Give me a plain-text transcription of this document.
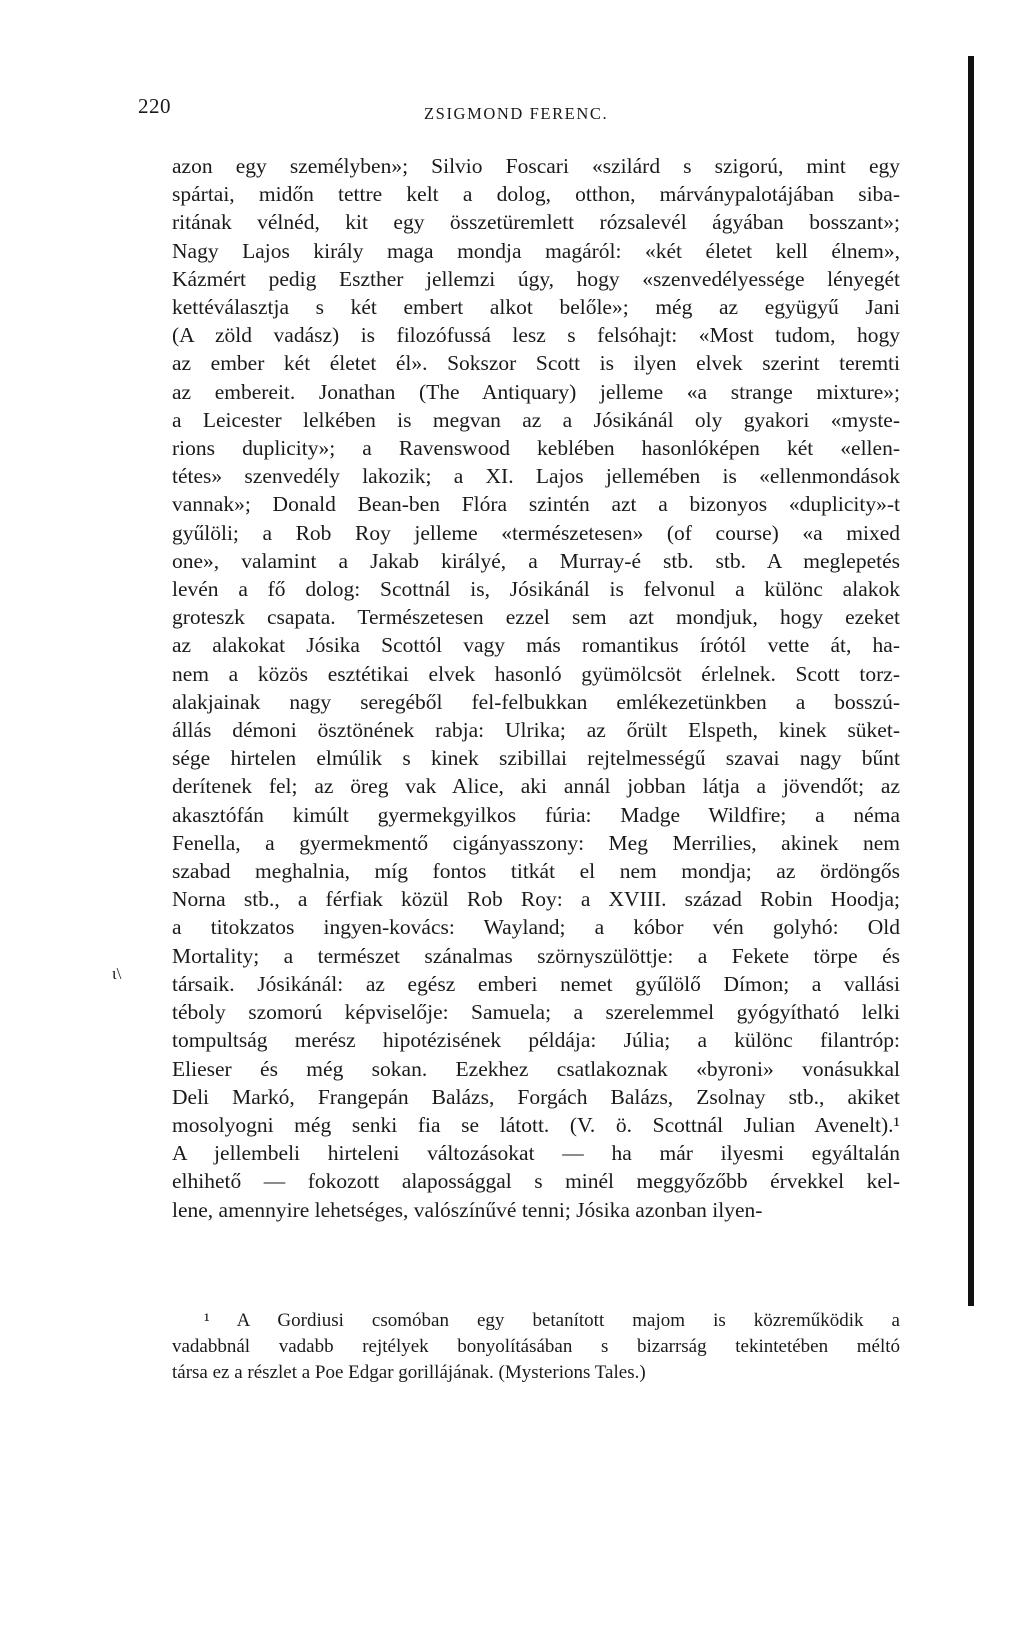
220	ZSIGMOND FERENC.
azon egy személyben»; Silvio Foscari «szilárd s szigorú, mint egy
spártai, midőn tettre kelt a dolog, otthon, márványpalotájában siba-
ritának vélnéd, kit egy összetüremlett rózsalevél ágyában bosszant»;
Nagy Lajos király maga mondja magáról: «két életet kell élnem»,
Kázmért pedig Eszther jellemzi úgy, hogy «szenvedélyessége lényegét
kettéválasztja s két embert alkot belőle»; még az együgyű Jani
(A zöld vadász) is filozófussá lesz s felsóhajt: «Most tudom, hogy
az ember két életet él». Sokszor Scott is ilyen elvek szerint teremti
az embereit. Jonathan (The Antiquary) jelleme «a strange mixture»;
a Leicester lelkében is megvan az a Jósikánál oly gyakori «myste-
rions duplicity»; a Ravenswood keblében hasonlóképen két «ellen-
tétes» szenvedély lakozik; a XI. Lajos jellemében is «ellenmondások
vannak»; Donald Bean-ben Flóra szintén azt a bizonyos «duplicity»-t
gyűlöli; a Rob Roy jelleme «természetesen» (of course) «a mixed
one», valamint a Jakab királyé, a Murray-é stb. stb. A meglepetés
levén a fő dolog: Scottnál is, Jósikánál is felvonul a különc alakok
groteszk csapata. Természetesen ezzel sem azt mondjuk, hogy ezeket
az alakokat Jósika Scottól vagy más romantikus írótól vette át, ha-
nem a közös esztétikai elvek hasonló gyümölcsöt érlelnek. Scott torz-
alakjainak nagy seregéből fel-felbukkan emlékezetünkben a bosszú-
állás démoni ösztönének rabja: Ulrika; az őrült Elspeth, kinek süket-
sége hirtelen elmúlik s kinek szibillai rejtelmességű szavai nagy bűnt
derítenek fel; az öreg vak Alice, aki annál jobban látja a jövendőt; az
akasztófán kimúlt gyermekgyilkos fúria: Madge Wildfire; a néma
Fenella, a gyermekmentő cigányasszony: Meg Merrilies, akinek nem
szabad meghalnia, míg fontos titkát el nem mondja; az ördöngős
Norna stb., a férfiak közül Rob Roy: a XVIII. század Robin Hoodja;
a titokzatos ingyen-kovács: Wayland; a kóbor vén golyhó: Old
Mortality; a természet szánalmas szörnyszülöttje: a Fekete törpe és
társaik. Jósikánál: az egész emberi nemet gyűlölő Dímon; a vallási
téboly szomorú képviselője: Samuela; a szerelemmel gyógyítható lelki
tompultság merész hipotézisének példája: Júlia; a különc filantróp:
Elieser és még sokan. Ezekhez csatlakoznak «byroni» vonásukkal
Deli Markó, Frangepán Balázs, Forgách Balázs, Zsolnay stb., akiket
mosolyogni még senki fia se látott. (V. ö. Scottnál Julian Avenelt).¹
A jellembeli hirteleni változásokat — ha már ilyesmi egyáltalán
elhihető — fokozott alapossággal s minél meggyőzőbb érvekkel kel-
lene, amennyire lehetséges, valószínűvé tenni; Jósika azonban ilyen-
ι\
¹ A Gordiusi csomóban egy betanított majom is közreműködik a
vadabbnál vadabb rejtélyek bonyolításában s bizarrság tekintetében méltó
társa ez a részlet a Poe Edgar gorillájának. (Mysterions Tales.)
